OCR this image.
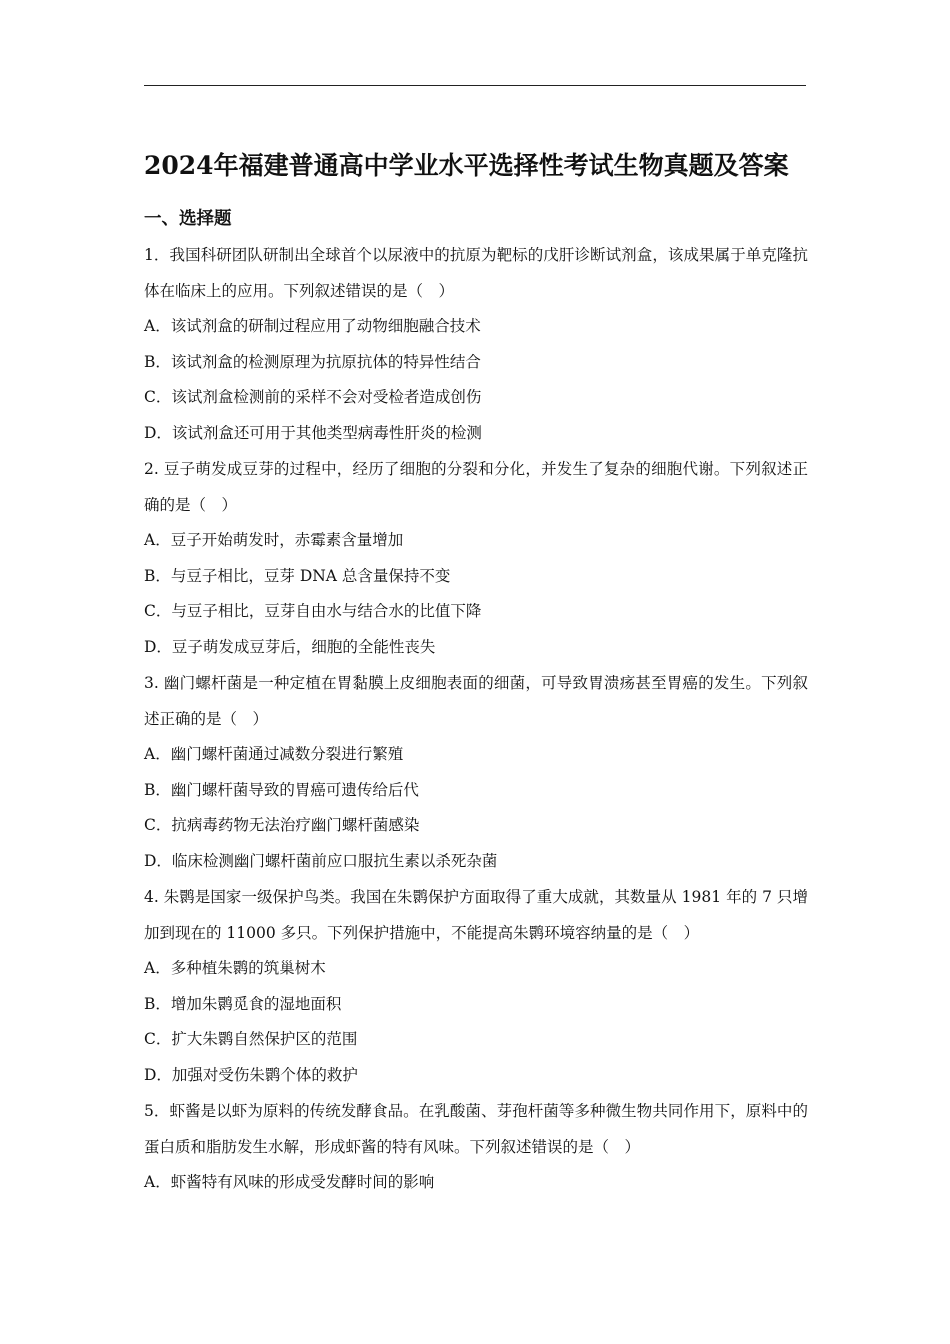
2024年福建普通高中学业水平选择性考试生物真题及答案
一、选择题

1．我国科研团队研制出全球首个以尿液中的抗原为靶标的戊肝诊断试剂盒，该成果属于单克隆抗体在临床上的应用。下列叙述错误的是（　）

A．该试剂盒的研制过程应用了动物细胞融合技术

B．该试剂盒的检测原理为抗原抗体的特异性结合

C．该试剂盒检测前的采样不会对受检者造成创伤

D．该试剂盒还可用于其他类型病毒性肝炎的检测

2. 豆子萌发成豆芽的过程中，经历了细胞的分裂和分化，并发生了复杂的细胞代谢。下列叙述正确的是（　）

A．豆子开始萌发时，赤霉素含量增加

B．与豆子相比，豆芽 DNA 总含量保持不变

C．与豆子相比，豆芽自由水与结合水的比值下降

D．豆子萌发成豆芽后，细胞的全能性丧失

3. 幽门螺杆菌是一种定植在胃黏膜上皮细胞表面的细菌，可导致胃溃疡甚至胃癌的发生。下列叙述正确的是（　）

A．幽门螺杆菌通过减数分裂进行繁殖

B．幽门螺杆菌导致的胃癌可遗传给后代

C．抗病毒药物无法治疗幽门螺杆菌感染

D．临床检测幽门螺杆菌前应口服抗生素以杀死杂菌

4. 朱鹮是国家一级保护鸟类。我国在朱鹮保护方面取得了重大成就，其数量从 1981 年的 7 只增加到现在的 11000 多只。下列保护措施中，不能提高朱鹮环境容纳量的是（　）

A．多种植朱鹮的筑巢树木

B．增加朱鹮觅食的湿地面积

C．扩大朱鹮自然保护区的范围

D．加强对受伤朱鹮个体的救护

5．虾酱是以虾为原料的传统发酵食品。在乳酸菌、芽孢杆菌等多种微生物共同作用下，原料中的蛋白质和脂肪发生水解，形成虾酱的特有风味。下列叙述错误的是（　）

A．虾酱特有风味的形成受发酵时间的影响
